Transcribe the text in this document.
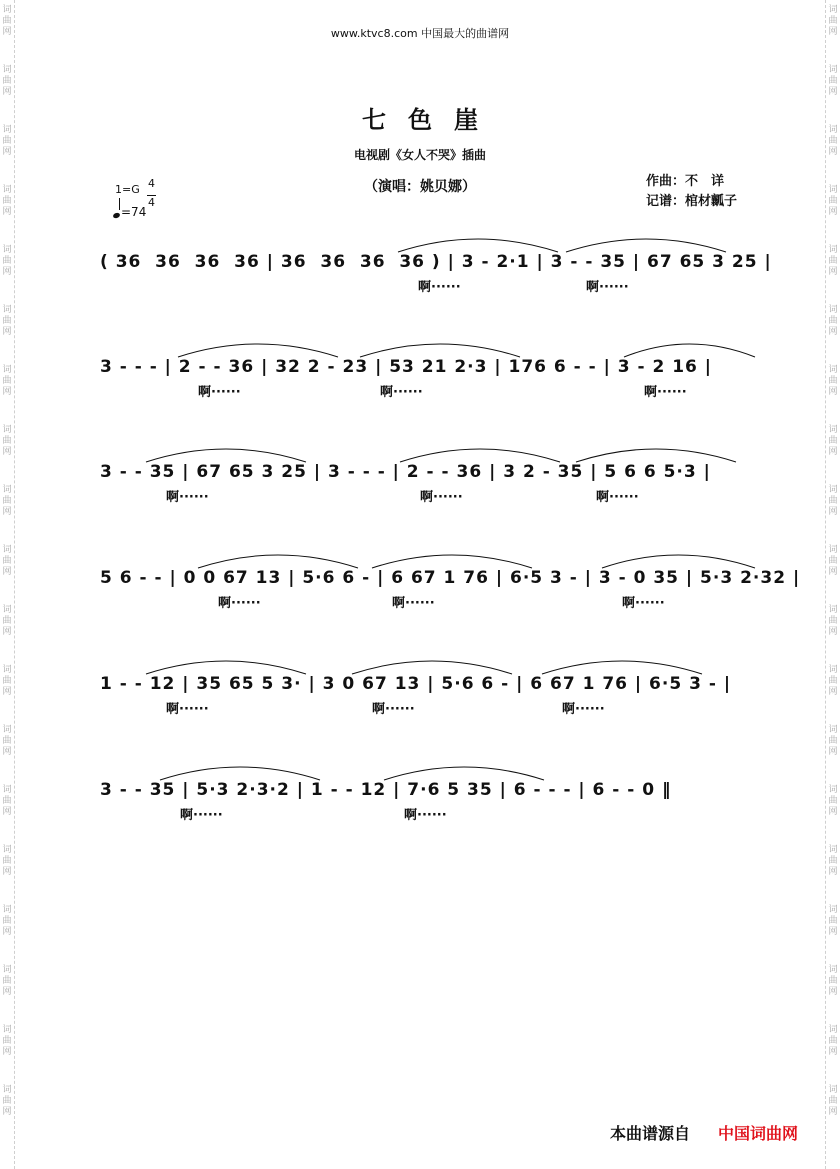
词曲网
词曲网
词曲网
词曲网
词曲网
词曲网
词曲网
词曲网
词曲网
词曲网
词曲网
词曲网
词曲网
词曲网
词曲网
词曲网
词曲网
词曲网
词曲网
词曲网
词曲网
词曲网
词曲网
词曲网
词曲网
词曲网
词曲网
词曲网
词曲网
词曲网
词曲网
词曲网
词曲网
词曲网
词曲网
词曲网
词曲网
词曲网
www.ktvc8.com 中国最大的曲谱网
七色崖
电视剧《女人不哭》插曲
（演唱：姚贝娜）	作曲：不　详
记谱：棺材瓤子
1=G 4
4
=74
( 36  36  36  36 | 36  36  36  36 ) | 3 - 2·1 | 3 - - 35 | 67 65 3 25 |
啊······	啊······
3 - - - | 2 - - 36 | 32 2 - 23 | 53 21 2·3 | 176 6 - - | 3 - 2 16 |
啊······	啊······	啊······
3 - - 35 | 67 65 3 25 | 3 - - - | 2 - - 36 | 3 2 - 35 | 5 6 6 5·3 |
啊······	啊······	啊······
5 6 - - | 0 0 67 13 | 5·6 6 - | 6 67 1 76 | 6·5 3 - | 3 - 0 35 | 5·3 2·32 |
啊······	啊······	啊······
1 - - 12 | 35 65 5 3· | 3 0 67 13 | 5·6 6 - | 6 67 1 76 | 6·5 3 - |
啊······	啊······	啊······
3 - - 35 | 5·3 2·3·2 | 1 - - 12 | 7·6 5 35 | 6 - - - | 6 - - 0 ‖
啊······	啊······
本曲谱源自 中国词曲网
